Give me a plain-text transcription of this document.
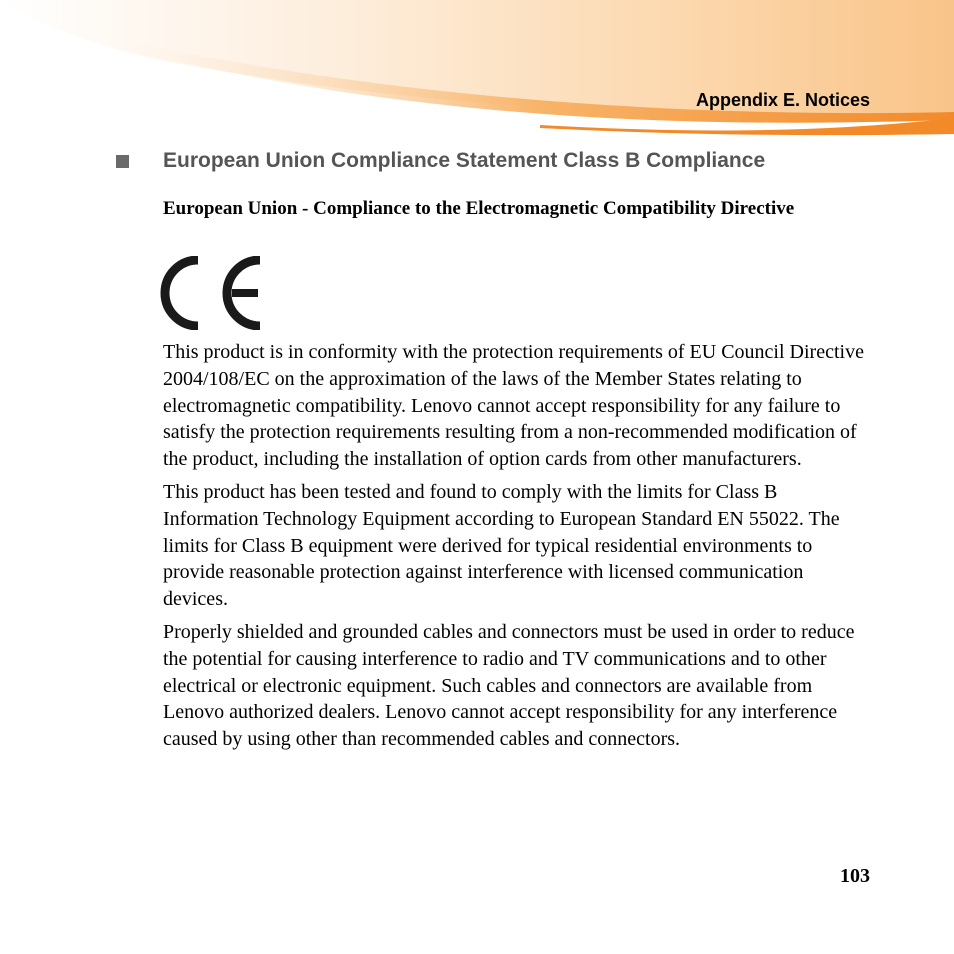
Appendix E. Notices
European Union Compliance Statement Class B Compliance
European Union - Compliance to the Electromagnetic Compatibility Directive

This product is in conformity with the protection requirements of EU Council Directive 2004/108/EC on the approximation of the laws of the Member States relating to electromagnetic compatibility. Lenovo cannot accept responsibility for any failure to satisfy the protection requirements resulting from a non-recommended modification of the product, including the installation of option cards from other manufacturers.

This product has been tested and found to comply with the limits for Class B Information Technology Equipment according to European Standard EN 55022. The limits for Class B equipment were derived for typical residential environments to provide reasonable protection against interference with licensed communication devices.

Properly shielded and grounded cables and connectors must be used in order to reduce the potential for causing interference to radio and TV communications and to other electrical or electronic equipment. Such cables and connectors are available from Lenovo authorized dealers. Lenovo cannot accept responsibility for any interference caused by using other than recommended cables and connectors.

103
